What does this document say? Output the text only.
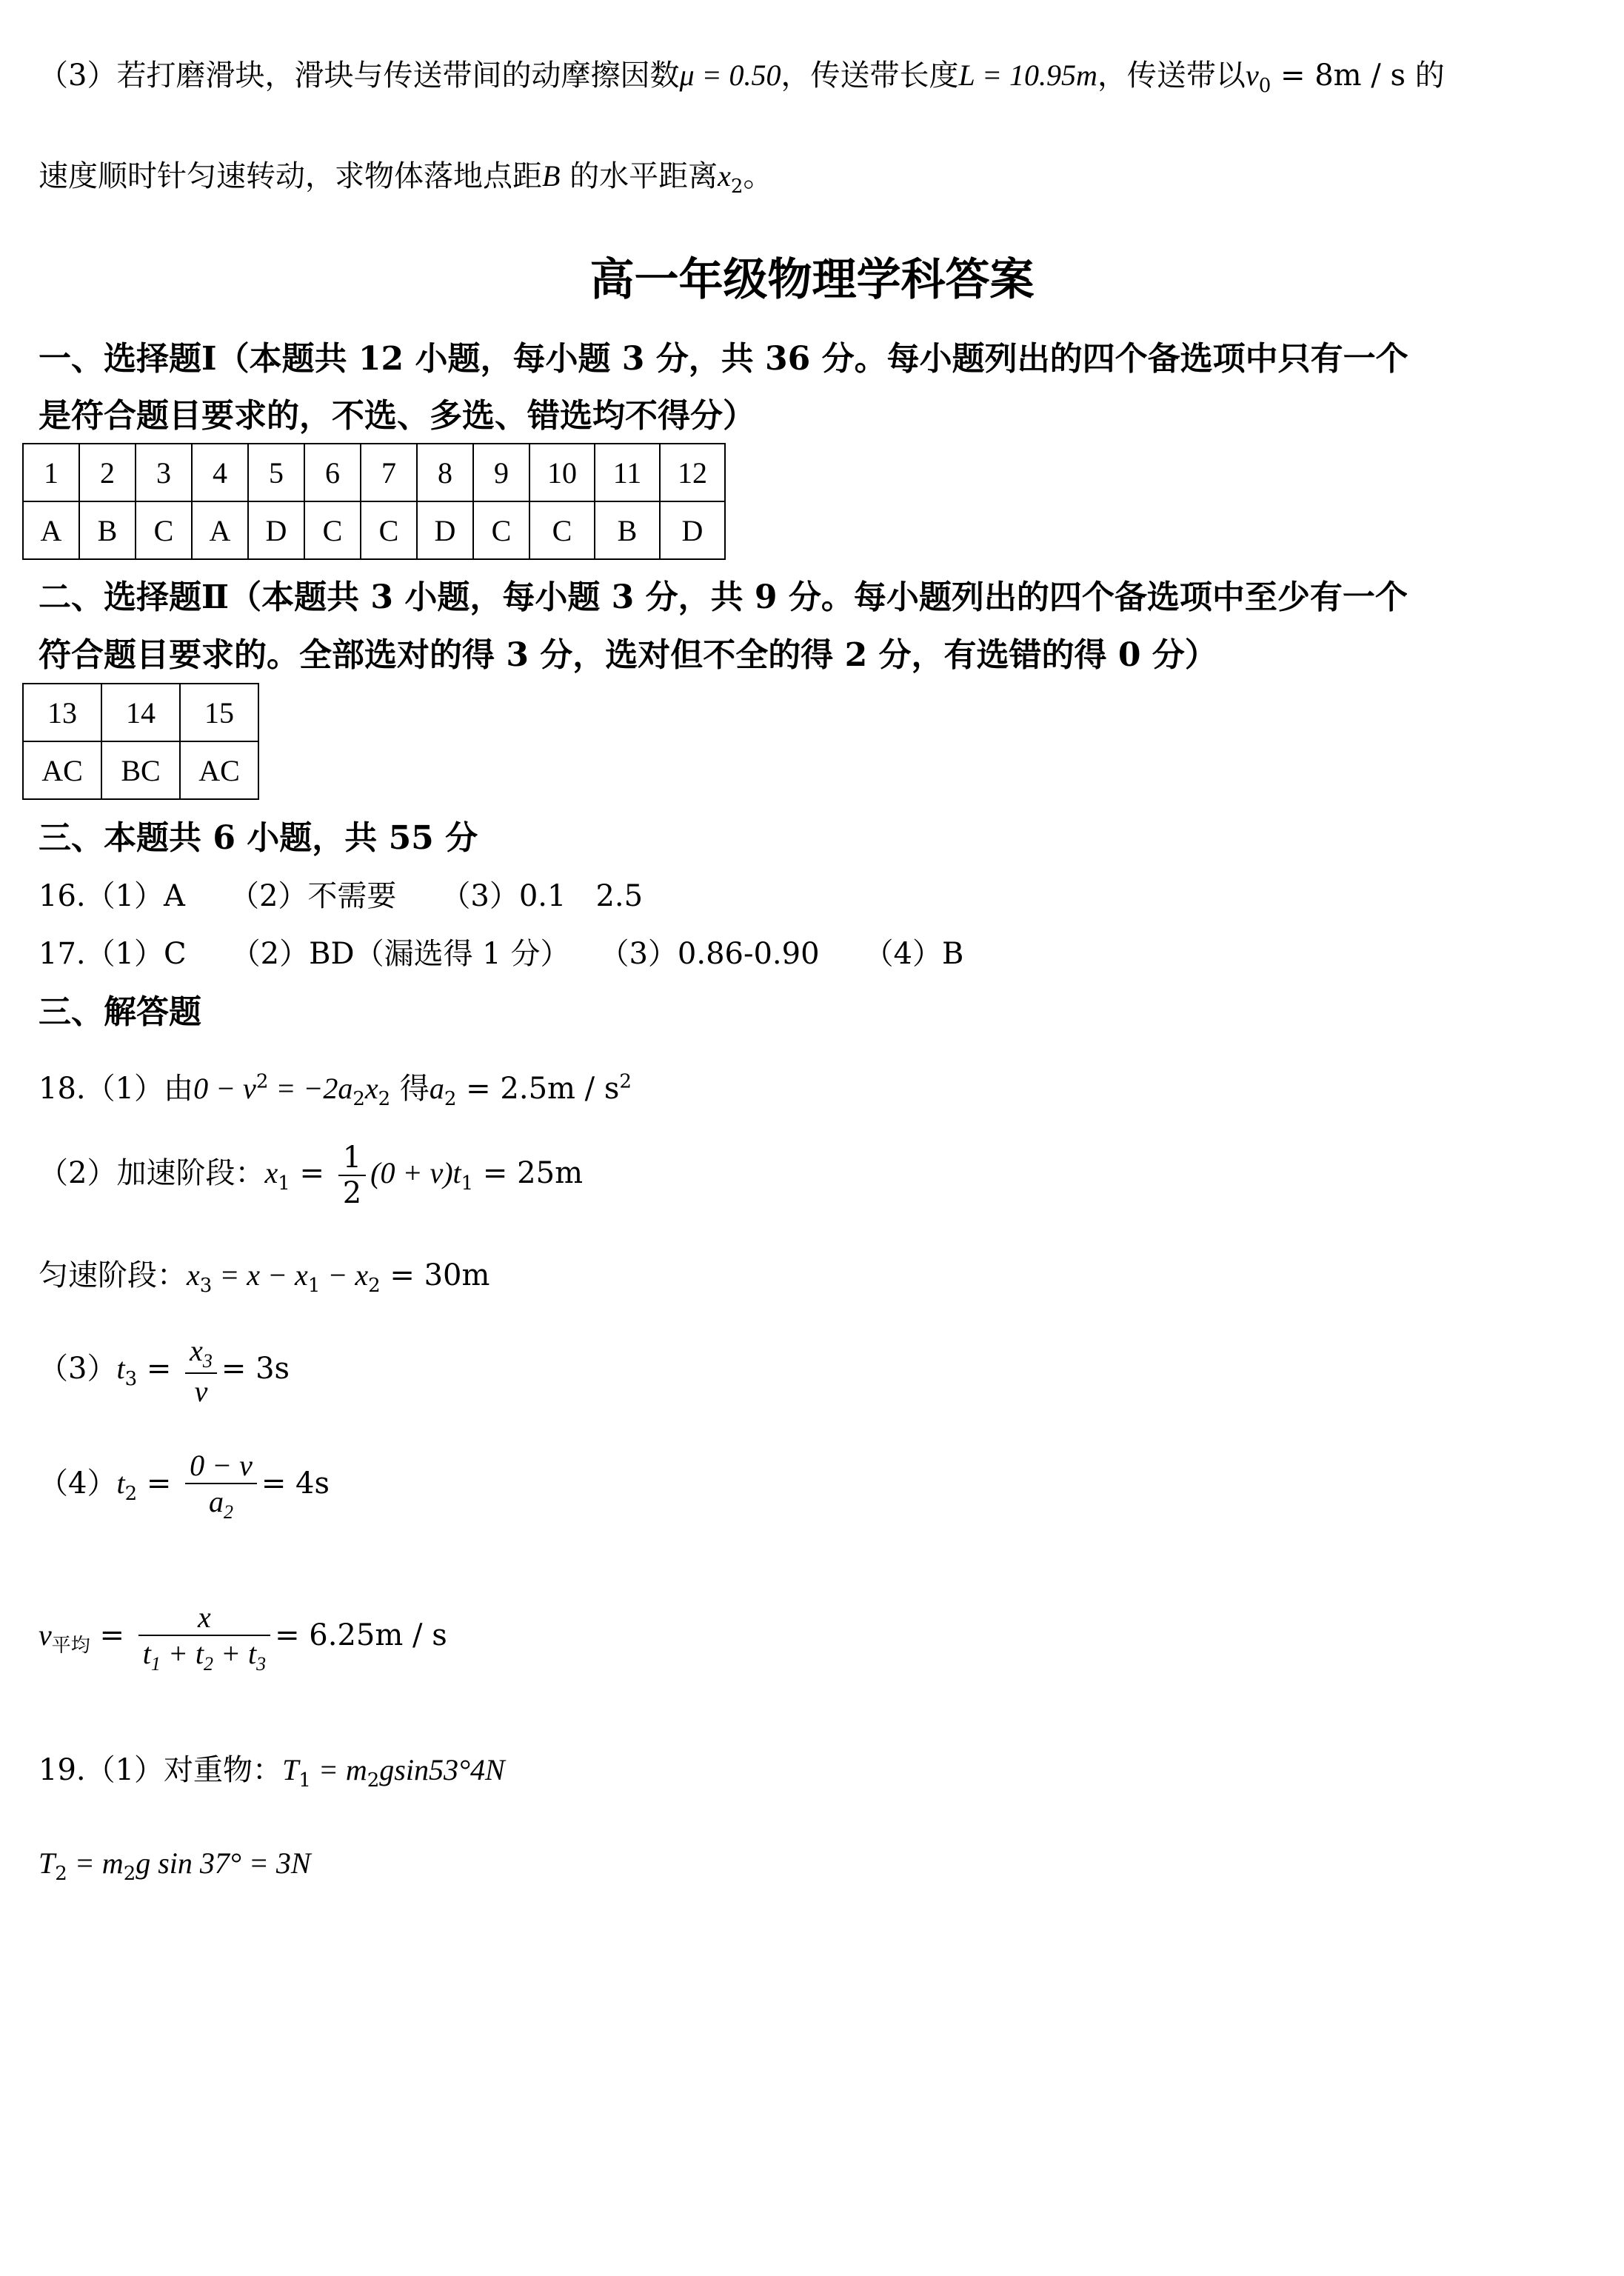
（3）若打磨滑块，滑块与传送带间的动摩擦因数μ = 0.50，传送带长度L = 10.95m，传送带以$v_0 = 8m / s$ 的
速度顺时针匀速转动，求物体落地点距B 的水平距离$x_2$。
高一年级物理学科答案
一、选择题Ⅰ（本题共 12 小题，每小题 3 分，共 36 分。每小题列出的四个备选项中只有一个
是符合题目要求的，不选、多选、错选均不得分）
1	2	3	4	5	6	7	8	9	10	11	12
A	B	C	A	D	C	C	D	C	C	B	D
二、选择题Ⅱ（本题共 3 小题，每小题 3 分，共 9 分。每小题列出的四个备选项中至少有一个
符合题目要求的。全部选对的得 3 分，选对但不全的得 2 分，有选错的得 0 分）
13	14	15
AC	BC	AC
三、本题共 6 小题，共 55 分
16.（1）A　　（2）不需要　　（3）0.1　2.5
17.（1）C　　（2）BD（漏选得 1 分）　　（3）0.86-0.90　　（4）B
三、解答题
18.（1）由$0 - v^2 = -2a_2x_2$ 得$a_2 = 2.5m / s^2$
（2）加速阶段：$x_1 = \frac{1}{2} (0 + v)t_1 = 25m$
匀速阶段：$x_3 = x - x_1 - x_2 = 30m$
$(3)t_3 = \frac{x_3}{v} = 3s$
$(4)t_2 = \frac{0 - v}{a_2} = 4s$
$v_{平均} = \frac{x}{t_1 + t_2 + t_3} = 6.25m / s$
19.（1）对重物：$T_1 = m_2gsin53^\circ 4N$
$T_2 = m_2g$ sin 37° = 3N
